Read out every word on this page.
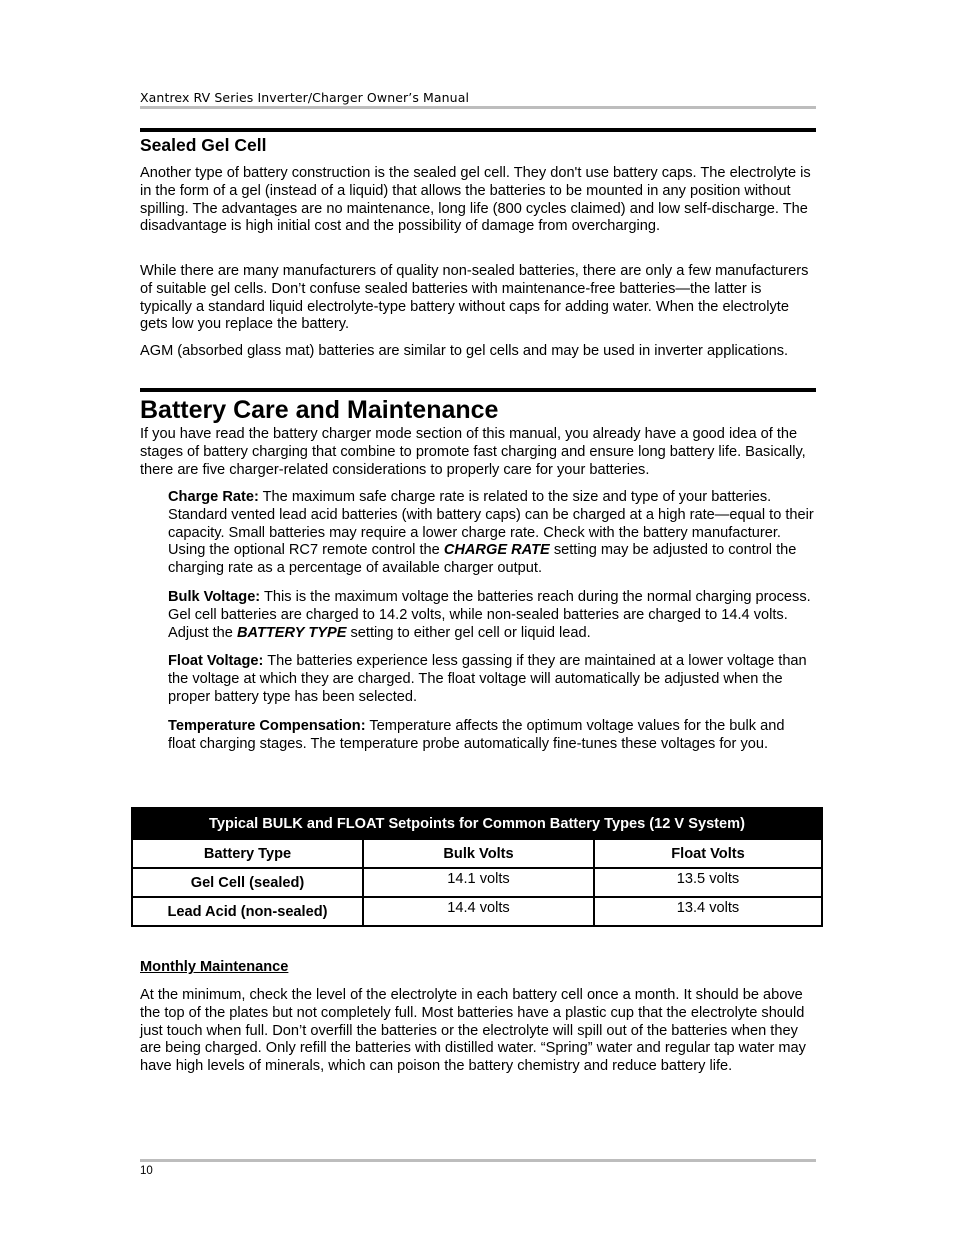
Xantrex RV Series Inverter/Charger Owner’s Manual
Sealed Gel Cell

Another type of battery construction is the sealed gel cell. They don't use battery caps. The electrolyte is in the form of a gel (instead of a liquid) that allows the batteries to be mounted in any position without spilling. The advantages are no maintenance, long life (800 cycles claimed) and low self-discharge. The disadvantage is high initial cost and the possibility of damage from overcharging.

While there are many manufacturers of quality non-sealed batteries, there are only a few manufacturers of suitable gel cells. Don’t confuse sealed batteries with maintenance-free batteries—the latter is typically a standard liquid electrolyte-type battery without caps for adding water. When the electrolyte gets low you replace the battery.

AGM (absorbed glass mat) batteries are similar to gel cells and may be used in inverter applications.

Battery Care and Maintenance

If you have read the battery charger mode section of this manual, you already have a good idea of the stages of battery charging that combine to promote fast charging and ensure long battery life. Basically, there are five charger-related considerations to properly care for your batteries.

Charge Rate: The maximum safe charge rate is related to the size and type of your batteries. Standard vented lead acid batteries (with battery caps) can be charged at a high rate—equal to their capacity. Small batteries may require a lower charge rate. Check with the battery manufacturer. Using the optional RC7 remote control the CHARGE RATE setting may be adjusted to control the charging rate as a percentage of available charger output.

Bulk Voltage: This is the maximum voltage the batteries reach during the normal charging process. Gel cell batteries are charged to 14.2 volts, while non-sealed batteries are charged to 14.4 volts. Adjust the BATTERY TYPE setting to either gel cell or liquid lead.

Float Voltage: The batteries experience less gassing if they are maintained at a lower voltage than the voltage at which they are charged. The float voltage will automatically be adjusted when the proper battery type has been selected.

Temperature Compensation: Temperature affects the optimum voltage values for the bulk and float charging stages. The temperature probe automatically fine-tunes these voltages for you.

Typical BULK and FLOAT Setpoints for Common Battery Types (12 V System)		
Battery Type	Bulk Volts	Float Volts
Gel Cell (sealed)	14.1 volts	13.5 volts
Lead Acid (non-sealed)	14.4 volts	13.4 volts
Monthly Maintenance

At the minimum, check the level of the electrolyte in each battery cell once a month. It should be above the top of the plates but not completely full. Most batteries have a plastic cup that the electrolyte should just touch when full. Don’t overfill the batteries or the electrolyte will spill out of the batteries when they are being charged. Only refill the batteries with distilled water. “Spring” water and regular tap water may have high levels of minerals, which can poison the battery chemistry and reduce battery life.

10
